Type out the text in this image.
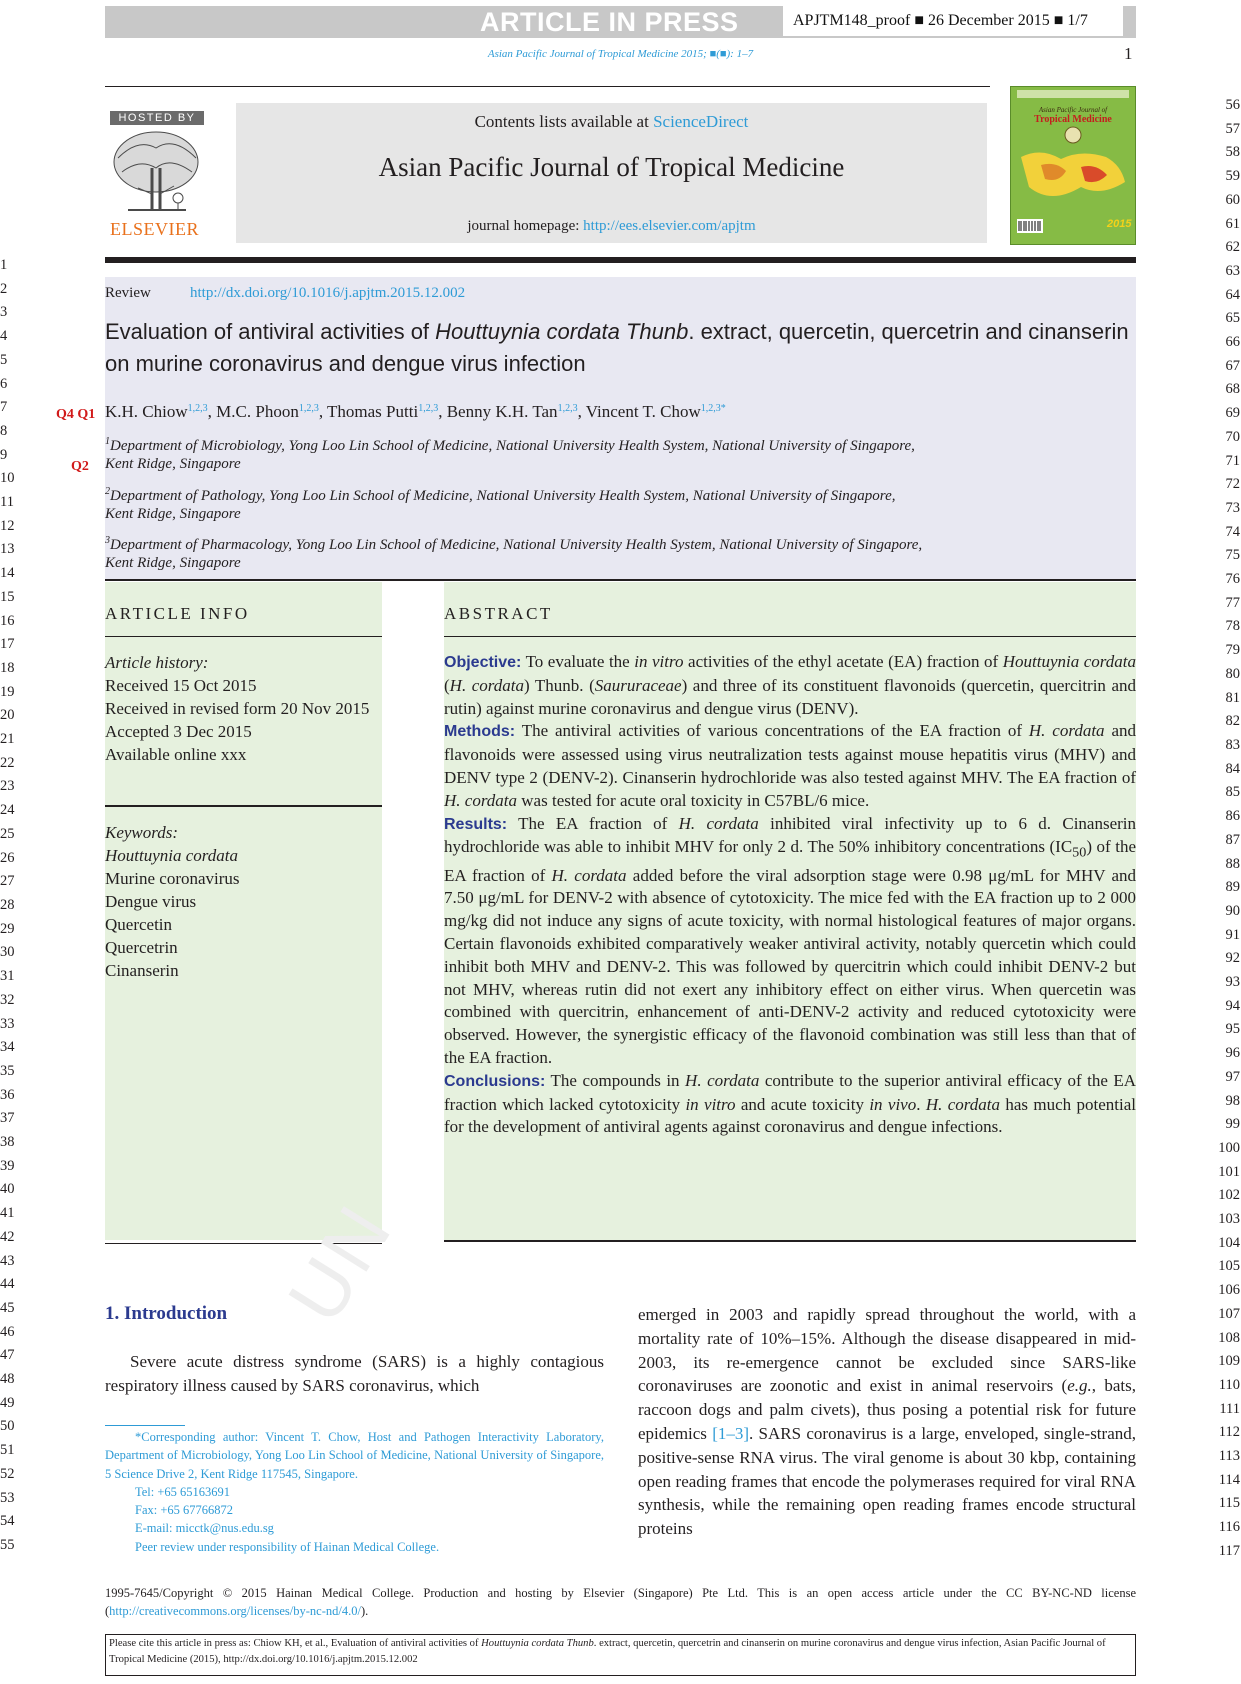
ARTICLE IN PRESS	APJTM148_proof ■ 26 December 2015 ■ 1/7
Asian Pacific Journal of Tropical Medicine 2015; ■(■): 1–7	1
HOSTED BY
ELSEVIER
Contents lists available at ScienceDirect
Asian Pacific Journal of Tropical Medicine
journal homepage: http://ees.elsevier.com/apjtm	2015
Asian Pacific Journal of
Tropical Medicine
Review	http://dx.doi.org/10.1016/j.apjtm.2015.12.002
Evaluation of antiviral activities of Houttuynia cordata Thunb. extract, quercetin, quercetrin and cinanserin on murine coronavirus and dengue virus infection
K.H. Chiow$^{1,2,3}$, M.C. Phoon$^{1,2,3}$, Thomas Putti$^{1,2,3}$, Benny K.H. Tan$^{1,2,3}$, Vincent T. Chow$^{1,2,3*}$
$^1$Department of Microbiology, Yong Loo Lin School of Medicine, National University Health System, National University of Singapore,
Kent Ridge, Singapore
$^2$Department of Pathology, Yong Loo Lin School of Medicine, National University Health System, National University of Singapore,
Kent Ridge, Singapore
$^3$Department of Pharmacology, Yong Loo Lin School of Medicine, National University Health System, National University of Singapore,
Kent Ridge, Singapore
Q4 Q1
Q2
ARTICLE INFO	ABSTRACT
Article history:
Received 15 Oct 2015
Received in revised form 20 Nov 2015
Accepted 3 Dec 2015
Available online xxx
Keywords:
Houttuynia cordata
Murine coronavirus
Dengue virus
Quercetin
Quercetrin
Cinanserin

Objective: To evaluate the in vitro activities of the ethyl acetate (EA) fraction of Houttuynia cordata (H. cordata) Thunb. (Saururaceae) and three of its constituent flavonoids (quercetin, quercitrin and rutin) against murine coronavirus and dengue virus (DENV).

Methods: The antiviral activities of various concentrations of the EA fraction of H. cordata and flavonoids were assessed using virus neutralization tests against mouse hepatitis virus (MHV) and DENV type 2 (DENV-2). Cinanserin hydrochloride was also tested against MHV. The EA fraction of H. cordata was tested for acute oral toxicity in C57BL/6 mice.

Results: The EA fraction of H. cordata inhibited viral infectivity up to 6 d. Cinanserin hydrochloride was able to inhibit MHV for only 2 d. The 50% inhibitory concentrations $(IC_{50})$ of the EA fraction of H. cordata added before the viral adsorption stage were 0.98 μg/mL for MHV and 7.50 μg/mL for DENV-2 with absence of cytotoxicity. The mice fed with the EA fraction up to 2 000 mg/kg did not induce any signs of acute toxicity, with normal histological features of major organs. Certain flavonoids exhibited comparatively weaker antiviral activity, notably quercetin which could inhibit both MHV and DENV-2. This was followed by quercitrin which could inhibit DENV-2 but not MHV, whereas rutin did not exert any inhibitory effect on either virus. When quercetin was combined with quercitrin, enhancement of anti-DENV-2 activity and reduced cytotoxicity were observed. However, the synergistic efficacy of the flavonoid combination was still less than that of the EA fraction.

Conclusions: The compounds in H. cordata contribute to the superior antiviral efficacy of the EA fraction which lacked cytotoxicity in vitro and acute toxicity in vivo. H. cordata has much potential for the development of antiviral agents against coronavirus and dengue infections.

UN
1. Introduction

Severe acute distress syndrome (SARS) is a highly contagious respiratory illness caused by SARS coronavirus, which

emerged in 2003 and rapidly spread throughout the world, with a mortality rate of 10%–15%. Although the disease disappeared in mid-2003, its re-emergence cannot be excluded since SARS-like coronaviruses are zoonotic and exist in animal reservoirs (e.g., bats, raccoon dogs and palm civets), thus posing a potential risk for future epidemics [1–3]. SARS coronavirus is a large, enveloped, single-strand, positive-sense RNA virus. The viral genome is about 30 kbp, containing open reading frames that encode the polymerases required for viral RNA synthesis, while the remaining open reading frames encode structural proteins

*Corresponding author: Vincent T. Chow, Host and Pathogen Interactivity Laboratory, Department of Microbiology, Yong Loo Lin School of Medicine, National University of Singapore, 5 Science Drive 2, Kent Ridge 117545, Singapore.

Tel: +65 65163691

Fax: +65 67766872

E-mail: micctk@nus.edu.sg

Peer review under responsibility of Hainan Medical College.

1995-7645/Copyright © 2015 Hainan Medical College. Production and hosting by Elsevier (Singapore) Pte Ltd. This is an open access article under the CC BY-NC-ND license (http://creativecommons.org/licenses/by-nc-nd/4.0/).
Please cite this article in press as: Chiow KH, et al., Evaluation of antiviral activities of Houttuynia cordata Thunb. extract, quercetin, quercetrin and cinanserin on murine coronavirus and dengue virus infection, Asian Pacific Journal of Tropical Medicine (2015), http://dx.doi.org/10.1016/j.apjtm.2015.12.002
1
2
3
4
5
6
7
8
9
10
11
12
13
14
15
16
17
18
19
20
21
22
23
24
25
26
27
28
29
30
31
32
33
34
35
36
37
38
39
40
41
42
43
44
45
46
47
48
49
50
51
52
53
54
55
56
57
58
59
60
61
62
63
64
65
66
67
68
69
70
71
72
73
74
75
76
77
78
79
80
81
82
83
84
85
86
87
88
89
90
91
92
93
94
95
96
97
98
99
100
101
102
103
104
105
106
107
108
109
110
111
112
113
114
115
116
117
